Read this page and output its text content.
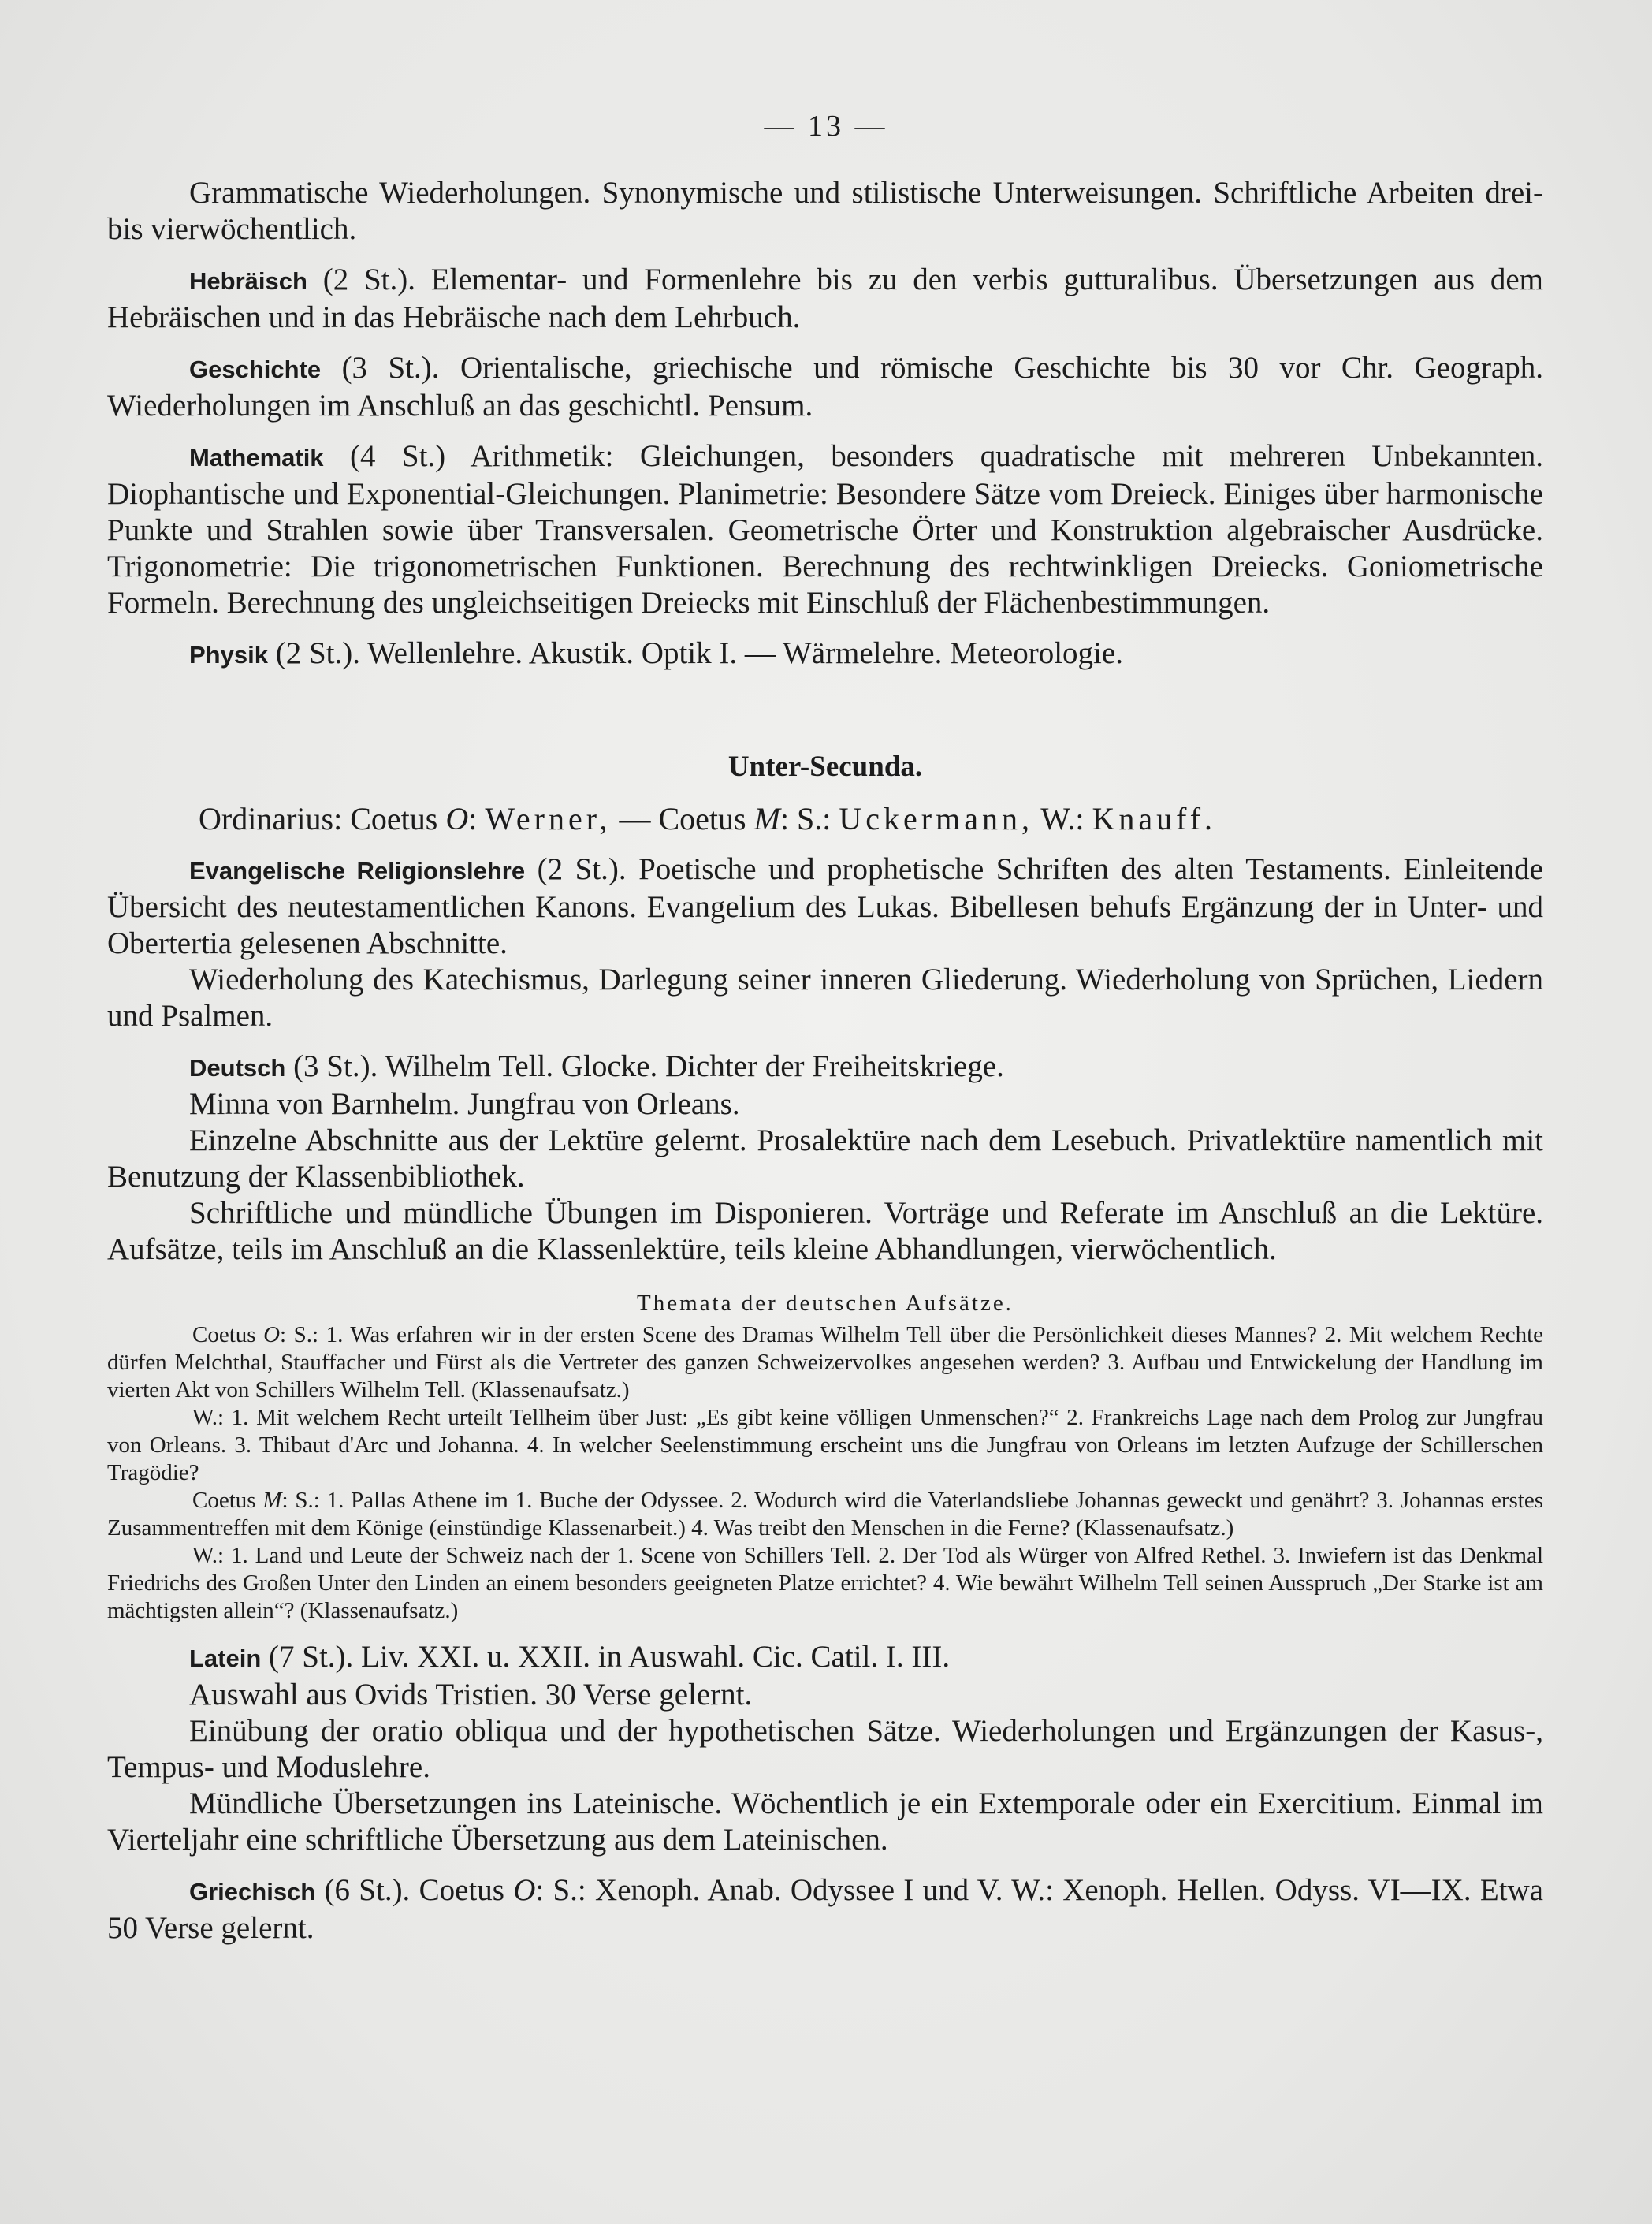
— 13 —

Grammatische Wiederholungen. Synonymische und stilistische Unterweisungen. Schriftliche Arbeiten drei- bis vierwöchentlich.

Hebräisch (2 St.). Elementar- und Formenlehre bis zu den verbis gutturalibus. Übersetzungen aus dem Hebräischen und in das Hebräische nach dem Lehrbuch.

Geschichte (3 St.). Orientalische, griechische und römische Geschichte bis 30 vor Chr. Geograph. Wiederholungen im Anschluß an das geschichtl. Pensum.

Mathematik (4 St.) Arithmetik: Gleichungen, besonders quadratische mit mehreren Unbekannten. Diophantische und Exponential-Gleichungen. Planimetrie: Besondere Sätze vom Dreieck. Einiges über harmonische Punkte und Strahlen sowie über Transversalen. Geometrische Örter und Konstruktion algebraischer Ausdrücke. Trigonometrie: Die trigonometrischen Funktionen. Berechnung des rechtwinkligen Dreiecks. Goniometrische Formeln. Berechnung des ungleichseitigen Dreiecks mit Einschluß der Flächenbestimmungen.

Physik (2 St.). Wellenlehre. Akustik. Optik I. — Wärmelehre. Meteorologie.

Unter-Secunda.

Ordinarius: Coetus O: Werner, — Coetus M: S.: Uckermann, W.: Knauff.

Evangelische Religionslehre (2 St.). Poetische und prophetische Schriften des alten Testaments. Einleitende Übersicht des neutestamentlichen Kanons. Evangelium des Lukas. Bibellesen behufs Ergänzung der in Unter- und Obertertia gelesenen Abschnitte.

Wiederholung des Katechismus, Darlegung seiner inneren Gliederung. Wiederholung von Sprüchen, Liedern und Psalmen.

Deutsch (3 St.). Wilhelm Tell. Glocke. Dichter der Freiheitskriege.

Minna von Barnhelm. Jungfrau von Orleans.

Einzelne Abschnitte aus der Lektüre gelernt. Prosalektüre nach dem Lesebuch. Privatlektüre namentlich mit Benutzung der Klassenbibliothek.

Schriftliche und mündliche Übungen im Disponieren. Vorträge und Referate im Anschluß an die Lektüre. Aufsätze, teils im Anschluß an die Klassenlektüre, teils kleine Abhandlungen, vierwöchentlich.

Themata der deutschen Aufsätze.

Coetus O: S.: 1. Was erfahren wir in der ersten Scene des Dramas Wilhelm Tell über die Persönlichkeit dieses Mannes? 2. Mit welchem Rechte dürfen Melchthal, Stauffacher und Fürst als die Vertreter des ganzen Schweizervolkes angesehen werden? 3. Aufbau und Entwickelung der Handlung im vierten Akt von Schillers Wilhelm Tell. (Klassenaufsatz.)

W.: 1. Mit welchem Recht urteilt Tellheim über Just: „Es gibt keine völligen Unmenschen?“ 2. Frankreichs Lage nach dem Prolog zur Jungfrau von Orleans. 3. Thibaut d'Arc und Johanna. 4. In welcher Seelenstimmung erscheint uns die Jungfrau von Orleans im letzten Aufzuge der Schillerschen Tragödie?

Coetus M: S.: 1. Pallas Athene im 1. Buche der Odyssee. 2. Wodurch wird die Vaterlandsliebe Johannas geweckt und genährt? 3. Johannas erstes Zusammentreffen mit dem Könige (einstündige Klassenarbeit.) 4. Was treibt den Menschen in die Ferne? (Klassenaufsatz.)

W.: 1. Land und Leute der Schweiz nach der 1. Scene von Schillers Tell. 2. Der Tod als Würger von Alfred Rethel. 3. Inwiefern ist das Denkmal Friedrichs des Großen Unter den Linden an einem besonders geeigneten Platze errichtet? 4. Wie bewährt Wilhelm Tell seinen Ausspruch „Der Starke ist am mächtigsten allein“? (Klassenaufsatz.)

Latein (7 St.). Liv. XXI. u. XXII. in Auswahl. Cic. Catil. I. III.

Auswahl aus Ovids Tristien. 30 Verse gelernt.

Einübung der oratio obliqua und der hypothetischen Sätze. Wiederholungen und Ergänzungen der Kasus-, Tempus- und Moduslehre.

Mündliche Übersetzungen ins Lateinische. Wöchentlich je ein Extemporale oder ein Exercitium. Einmal im Vierteljahr eine schriftliche Übersetzung aus dem Lateinischen.

Griechisch (6 St.). Coetus O: S.: Xenoph. Anab. Odyssee I und V. W.: Xenoph. Hellen. Odyss. VI—IX. Etwa 50 Verse gelernt.
